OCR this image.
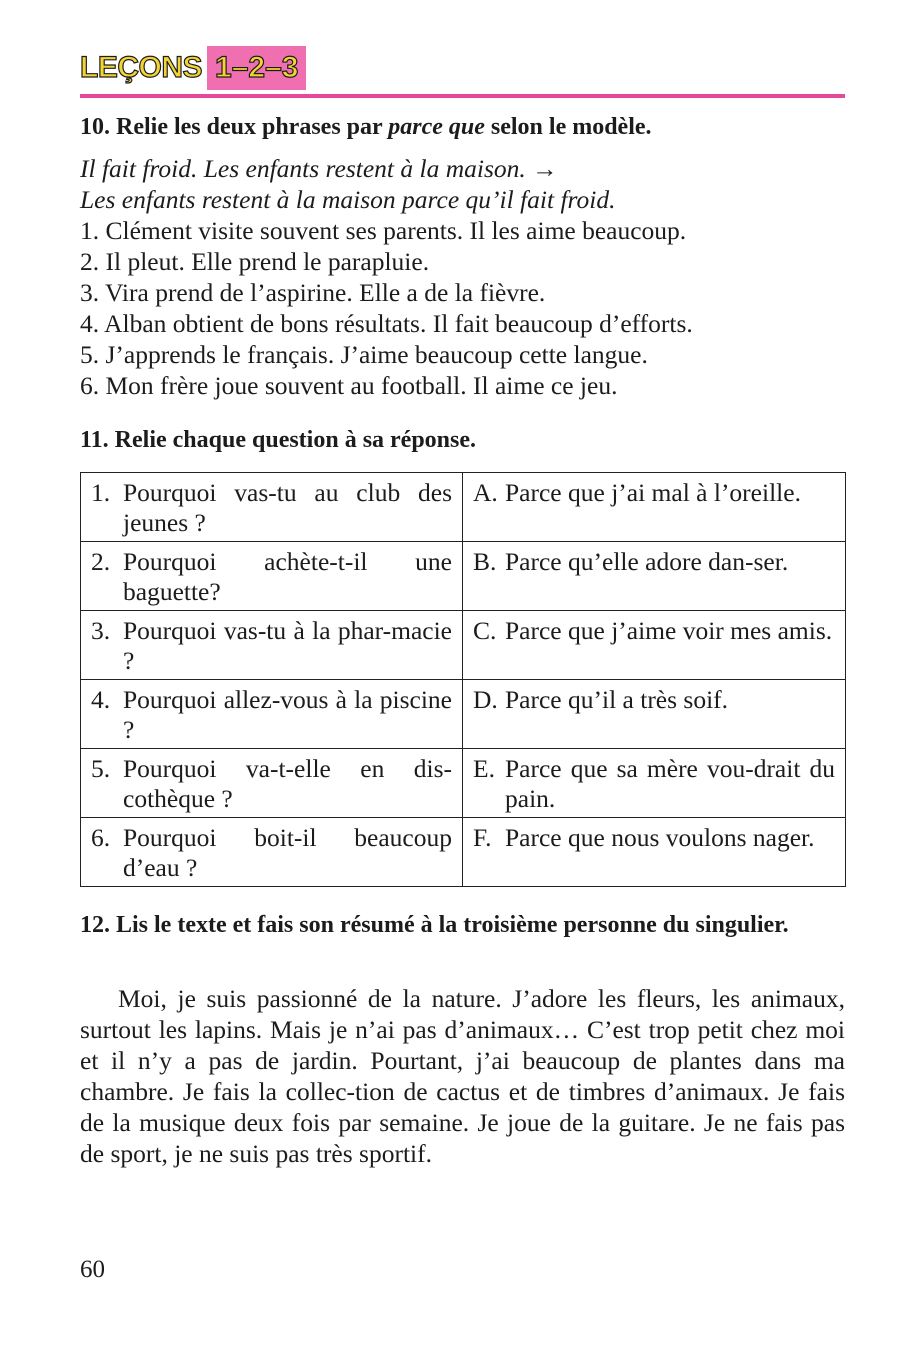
LEÇONS 1–2–3
10. Relie les deux phrases par parce que selon le modèle.
Il fait froid. Les enfants restent à la maison. →
Les enfants restent à la maison parce qu’il fait froid.
1. Clément visite souvent ses parents. Il les aime beaucoup.
2. Il pleut. Elle prend le parapluie.
3. Vira prend de l’aspirine. Elle a de la fièvre.
4. Alban obtient de bons résultats. Il fait beaucoup d’efforts.
5. J’apprends le français. J’aime beaucoup cette langue.
6. Mon frère joue souvent au football. Il aime ce jeu.
11. Relie chaque question à sa réponse.
1. Pourquoi vas-tu au club des jeunes ?	A. Parce que j’ai mal à l’oreille.

2. Pourquoi achète-t-il une baguette?	B. Parce qu’elle adore dan-ser.

3. Pourquoi vas-tu à la phar-macie ?	C. Parce que j’aime voir mes amis.

4. Pourquoi allez-vous à la piscine ?	D. Parce qu’il a très soif.

5. Pourquoi va-t-elle en dis-cothèque ?	E. Parce que sa mère vou-drait du pain.

6. Pourquoi boit-il beaucoup d’eau ?	F. Parce que nous voulons nager.
12. Lis le texte et fais son résumé à la troisième personne du singulier.
Moi, je suis passionné de la nature. J’adore les fleurs, les animaux, surtout les lapins. Mais je n’ai pas d’animaux… C’est trop petit chez moi et il n’y a pas de jardin. Pourtant, j’ai beaucoup de plantes dans ma chambre. Je fais la collec-tion de cactus et de timbres d’animaux. Je fais de la musique deux fois par semaine. Je joue de la guitare. Je ne fais pas de sport, je ne suis pas très sportif.
60
